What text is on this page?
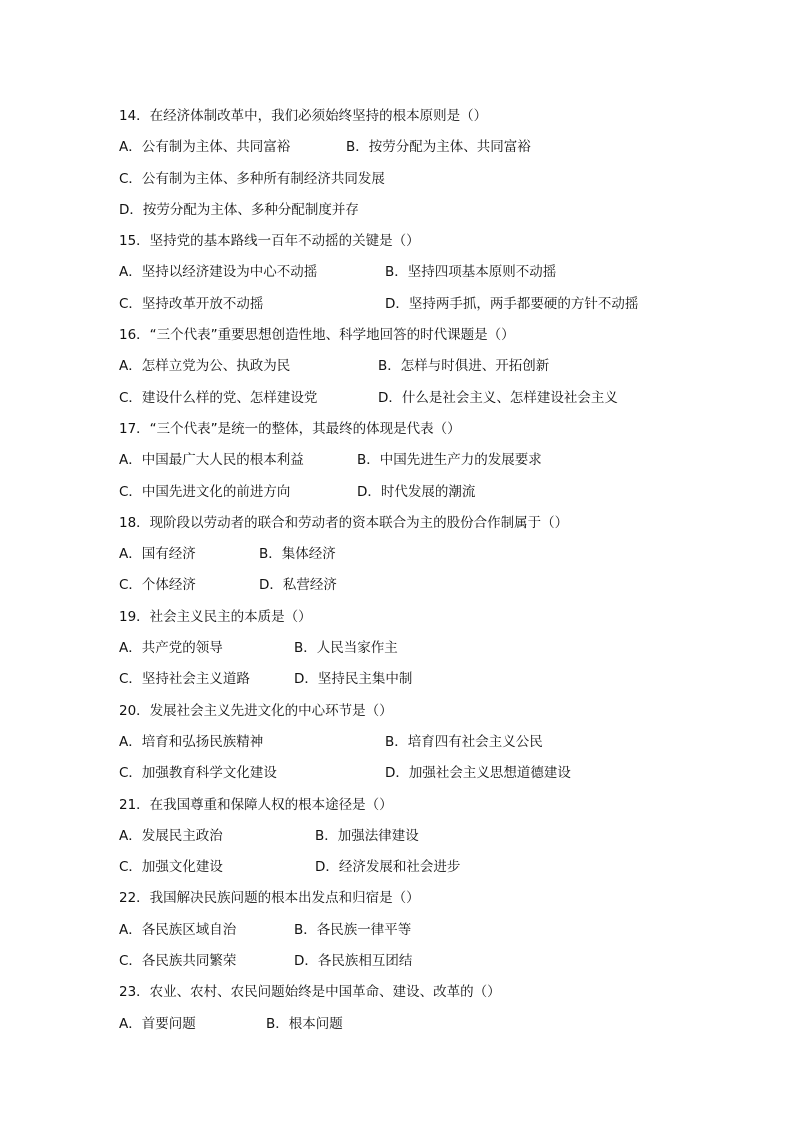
14．在经济体制改革中，我们必须始终坚持的根本原则是（）
A．公有制为主体、共同富裕	B．按劳分配为主体、共同富裕
C．公有制为主体、多种所有制经济共同发展
D．按劳分配为主体、多种分配制度并存
15．坚持党的基本路线一百年不动摇的关键是（）
A．坚持以经济建设为中心不动摇	B．坚持四项基本原则不动摇
C．坚持改革开放不动摇	D．坚持两手抓，两手都要硬的方针不动摇
16．“三个代表”重要思想创造性地、科学地回答的时代课题是（）
A．怎样立党为公、执政为民	B．怎样与时俱进、开拓创新
C．建设什么样的党、怎样建设党	D．什么是社会主义、怎样建设社会主义
17．“三个代表”是统一的整体，其最终的体现是代表（）
A．中国最广大人民的根本利益	B．中国先进生产力的发展要求
C．中国先进文化的前进方向	D．时代发展的潮流
18．现阶段以劳动者的联合和劳动者的资本联合为主的股份合作制属于（）
A．国有经济	B．集体经济
C．个体经济	D．私营经济
19．社会主义民主的本质是（）
A．共产党的领导	B．人民当家作主
C．坚持社会主义道路	D．坚持民主集中制
20．发展社会主义先进文化的中心环节是（）
A．培育和弘扬民族精神	B．培育四有社会主义公民
C．加强教育科学文化建设	D．加强社会主义思想道德建设
21．在我国尊重和保障人权的根本途径是（）
A．发展民主政治	B．加强法律建设
C．加强文化建设	D．经济发展和社会进步
22．我国解决民族问题的根本出发点和归宿是（）
A．各民族区域自治	B．各民族一律平等
C．各民族共同繁荣	D．各民族相互团结
23．农业、农村、农民问题始终是中国革命、建设、改革的（）
A．首要问题	B．根本问题
